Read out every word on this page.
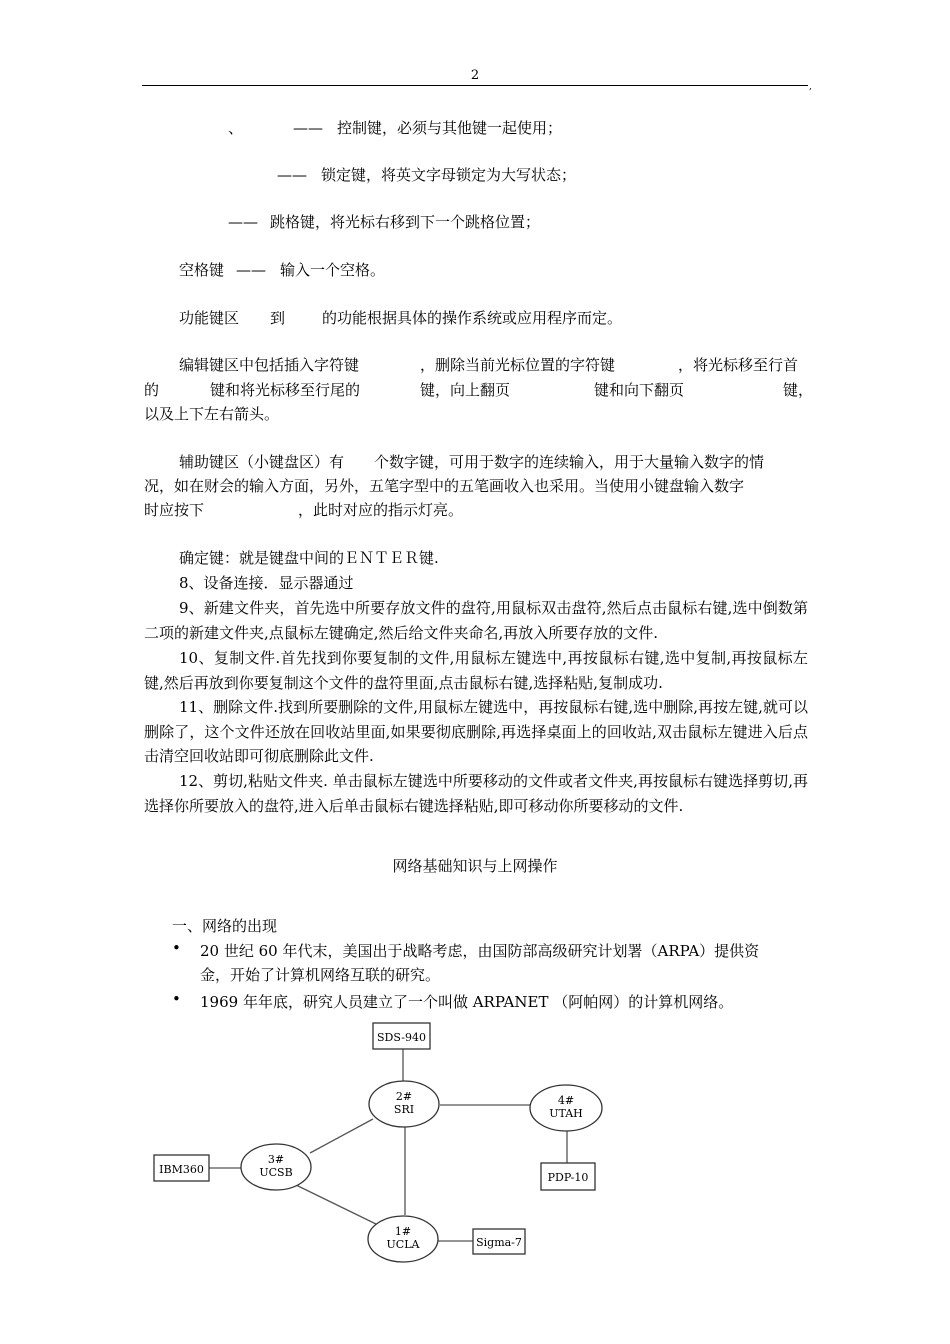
2
,
、	—— 控制键，必须与其他键一起使用；
—— 锁定键，将英文字母锁定为大写状态；
—— 跳格键，将光标右移到下一个跳格位置；
空格键 —— 输入一个空格。
功能键区 到 的功能根据具体的操作系统或应用程序而定。
编辑键区中包括插入字符键	，删除当前光标位置的字符键	，将光标移至行首
的	键和将光标移至行尾的	键，向上翻页	键和向下翻页	键，
以及上下左右箭头。
辅助键区（小键盘区）有 个数字键，可用于数字的连续输入，用于大量输入数字的情
况，如在财会的输入方面，另外，五笔字型中的五笔画收入也采用。当使用小键盘输入数字
时应按下	，此时对应的指示灯亮。
确定键：就是键盘中间的ＥＮＴＥＲ键.
8、设备连接．显示器通过
9、新建文件夹，首先选中所要存放文件的盘符,用鼠标双击盘符,然后点击鼠标右键,选中倒数第二项的新建文件夹,点鼠标左键确定,然后给文件夹命名,再放入所要存放的文件.
10、复制文件.首先找到你要复制的文件,用鼠标左键选中,再按鼠标右键,选中复制,再按鼠标左键,然后再放到你要复制这个文件的盘符里面,点击鼠标右键,选择粘贴,复制成功.
11、删除文件.找到所要删除的文件,用鼠标左键选中，再按鼠标右键,选中删除,再按左键,就可以删除了，这个文件还放在回收站里面,如果要彻底删除,再选择桌面上的回收站,双击鼠标左键进入后点击清空回收站即可彻底删除此文件.
12、剪切,粘贴文件夹. 单击鼠标左键选中所要移动的文件或者文件夹,再按鼠标右键选择剪切,再选择你所要放入的盘符,进入后单击鼠标右键选择粘贴,即可移动你所要移动的文件.
网络基础知识与上网操作
一、网络的出现
• 20 世纪 60 年代末，美国出于战略考虑，由国防部高级研究计划署（ARPA）提供资
金，开始了计算机网络互联的研究。
• 1969 年年底，研究人员建立了一个叫做 ARPANET （阿帕网）的计算机网络。
SDS-940
IBM360
PDP-10
Sigma-7
2#
SRI
4#
UTAH
3#
UCSB
1#
UCLA
